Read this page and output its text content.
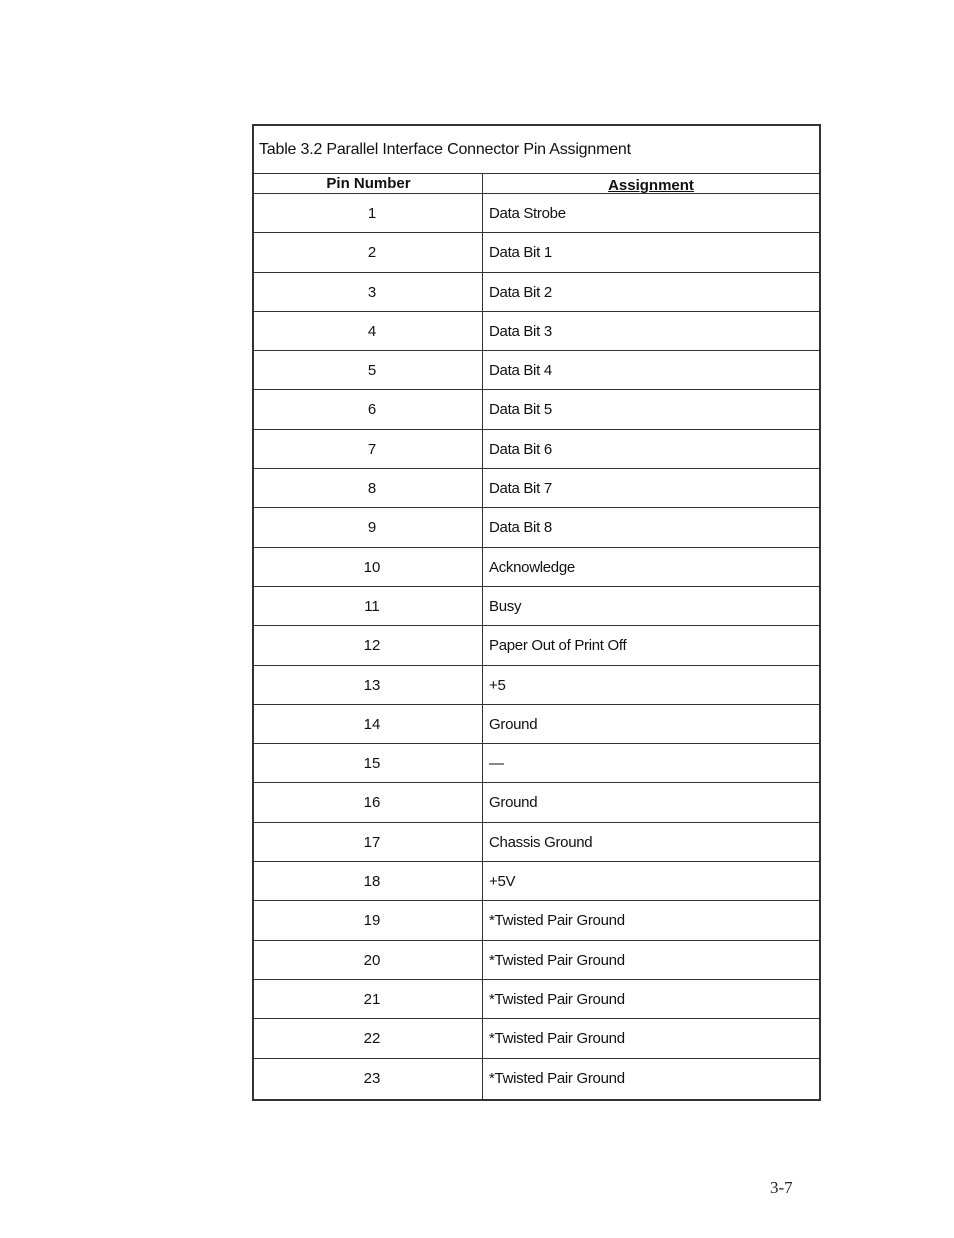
Table 3.2 Parallel Interface Connector Pin Assignment
Pin Number	Assignment
1	Data Strobe
2	Data Bit 1
3	Data Bit 2
4	Data Bit 3
5	Data Bit 4
6	Data Bit 5
7	Data Bit 6
8	Data Bit 7
9	Data Bit 8
10	Acknowledge
11	Busy
12	Paper Out of Print Off
13	+5
14	Ground
15	—
16	Ground
17	Chassis Ground
18	+5V
19	*Twisted Pair Ground
20	*Twisted Pair Ground
21	*Twisted Pair Ground
22	*Twisted Pair Ground
23	*Twisted Pair Ground
3-7
